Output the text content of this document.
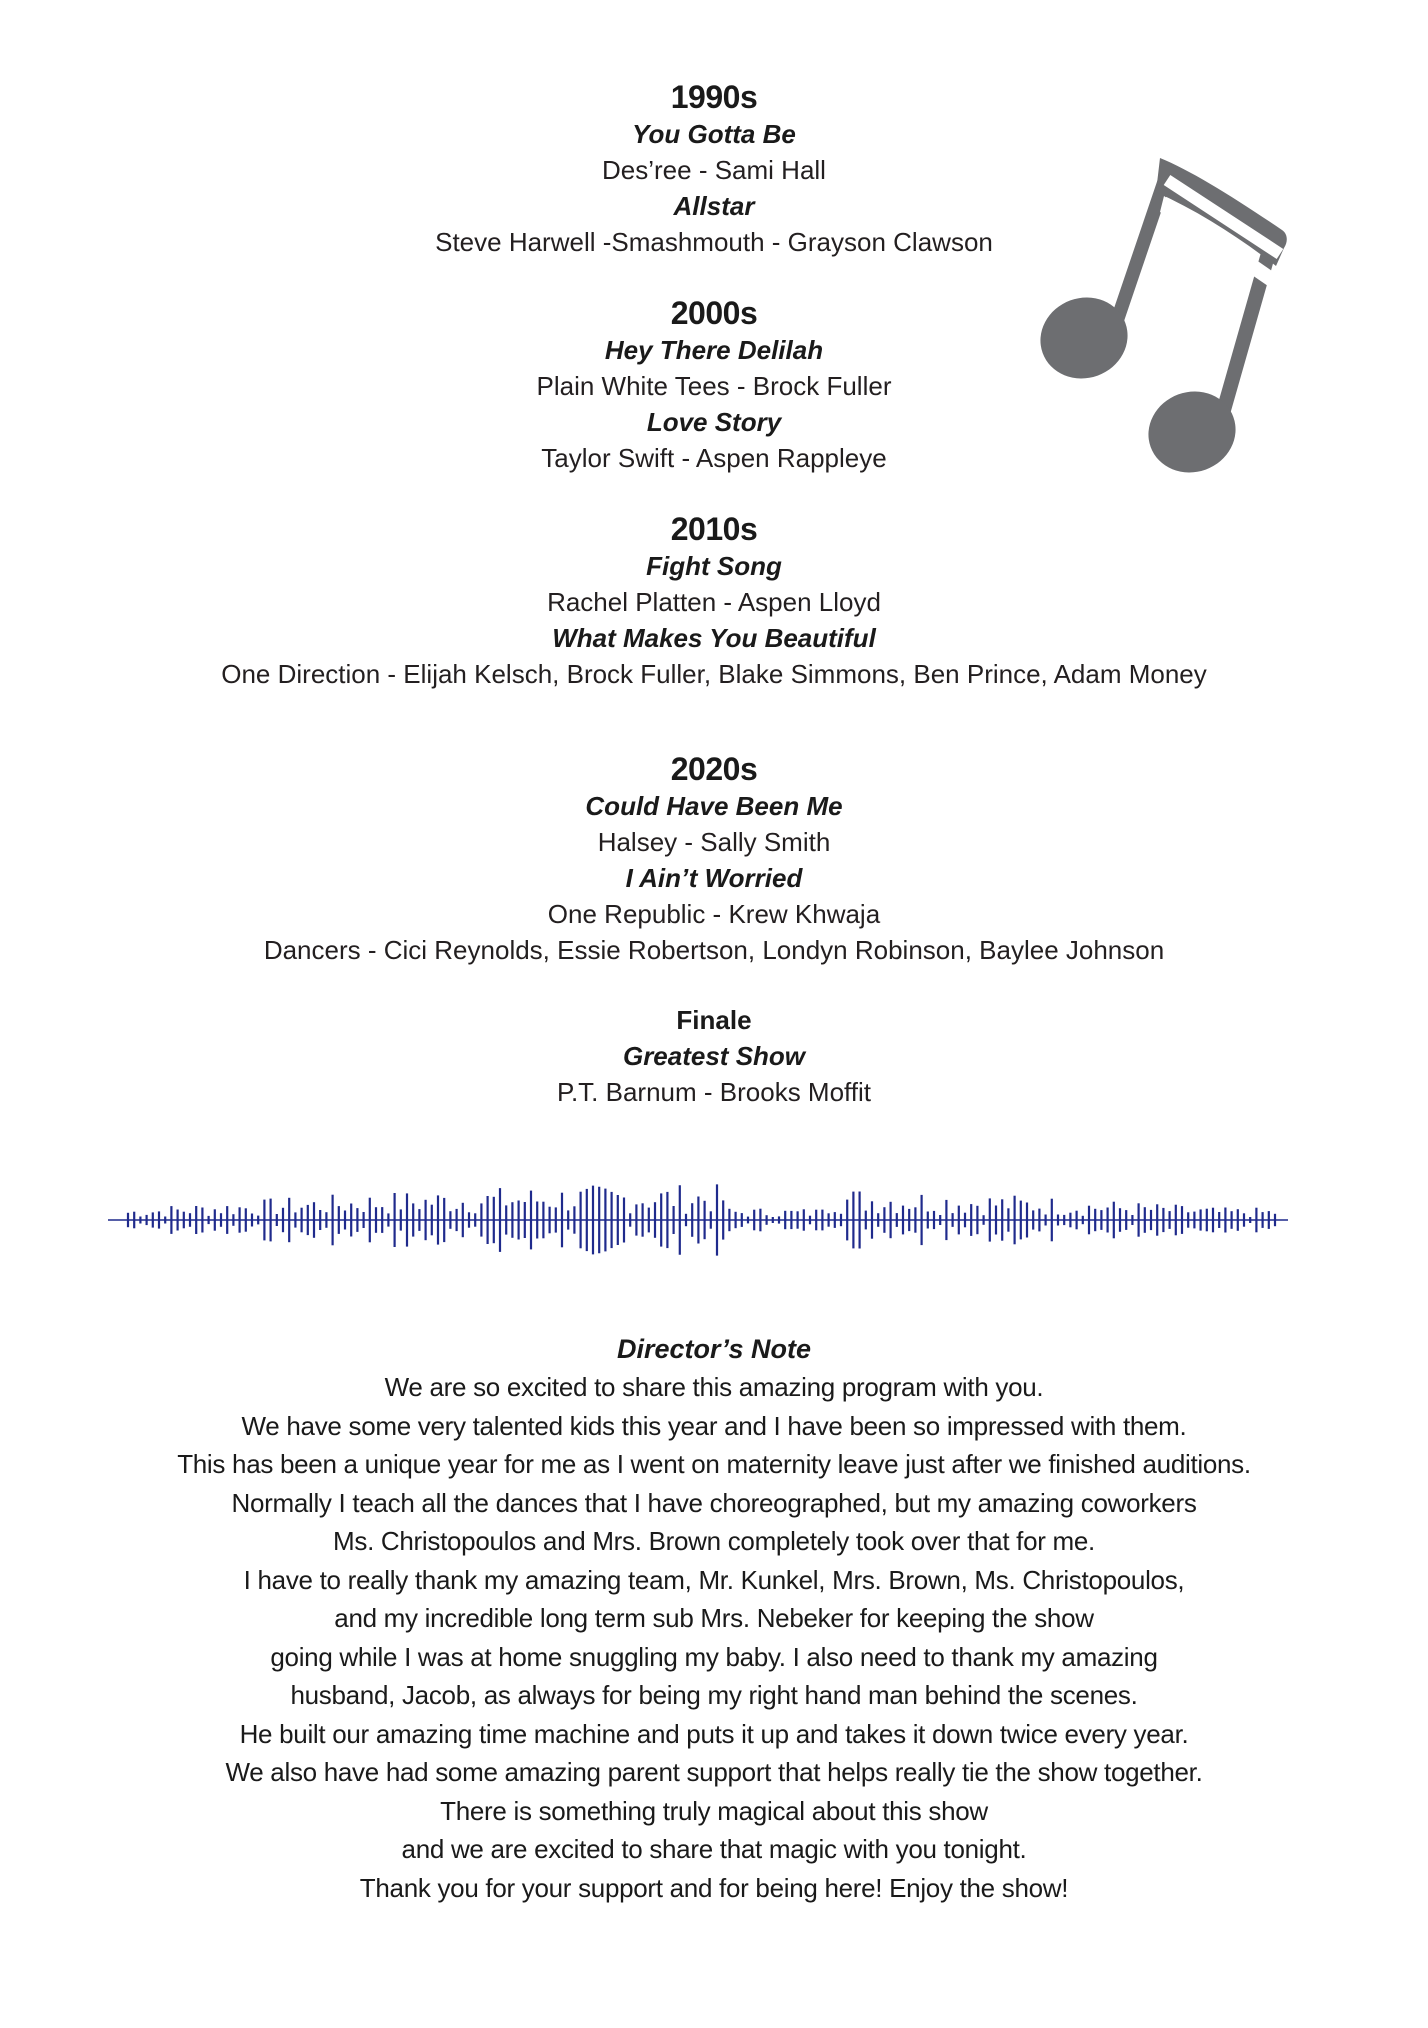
1990s
You Gotta Be
Des’ree - Sami Hall
Allstar
Steve Harwell -Smashmouth - Grayson Clawson
2000s
Hey There Delilah
Plain White Tees - Brock Fuller
Love Story
Taylor Swift - Aspen Rappleye
2010s
Fight Song
Rachel Platten - Aspen Lloyd
What Makes You Beautiful
One Direction - Elijah Kelsch, Brock Fuller, Blake Simmons, Ben Prince, Adam Money
2020s
Could Have Been Me
Halsey - Sally Smith
I Ain’t Worried
One Republic - Krew Khwaja
Dancers - Cici Reynolds, Essie Robertson, Londyn Robinson, Baylee Johnson
Finale
Greatest Show
P.T. Barnum - Brooks Moffit
Director’s Note
We are so excited to share this amazing program with you.
We have some very talented kids this year and I have been so impressed with them.
This has been a unique year for me as I went on maternity leave just after we finished auditions.
Normally I teach all the dances that I have choreographed, but my amazing coworkers
Ms. Christopoulos and Mrs. Brown completely took over that for me.
I have to really thank my amazing team, Mr. Kunkel, Mrs. Brown, Ms. Christopoulos,
and my incredible long term sub Mrs. Nebeker for keeping the show
going while I was at home snuggling my baby. I also need to thank my amazing
husband, Jacob, as always for being my right hand man behind the scenes.
He built our amazing time machine and puts it up and takes it down twice every year.
We also have had some amazing parent support that helps really tie the show together.
There is something truly magical about this show
and we are excited to share that magic with you tonight.
Thank you for your support and for being here! Enjoy the show!
